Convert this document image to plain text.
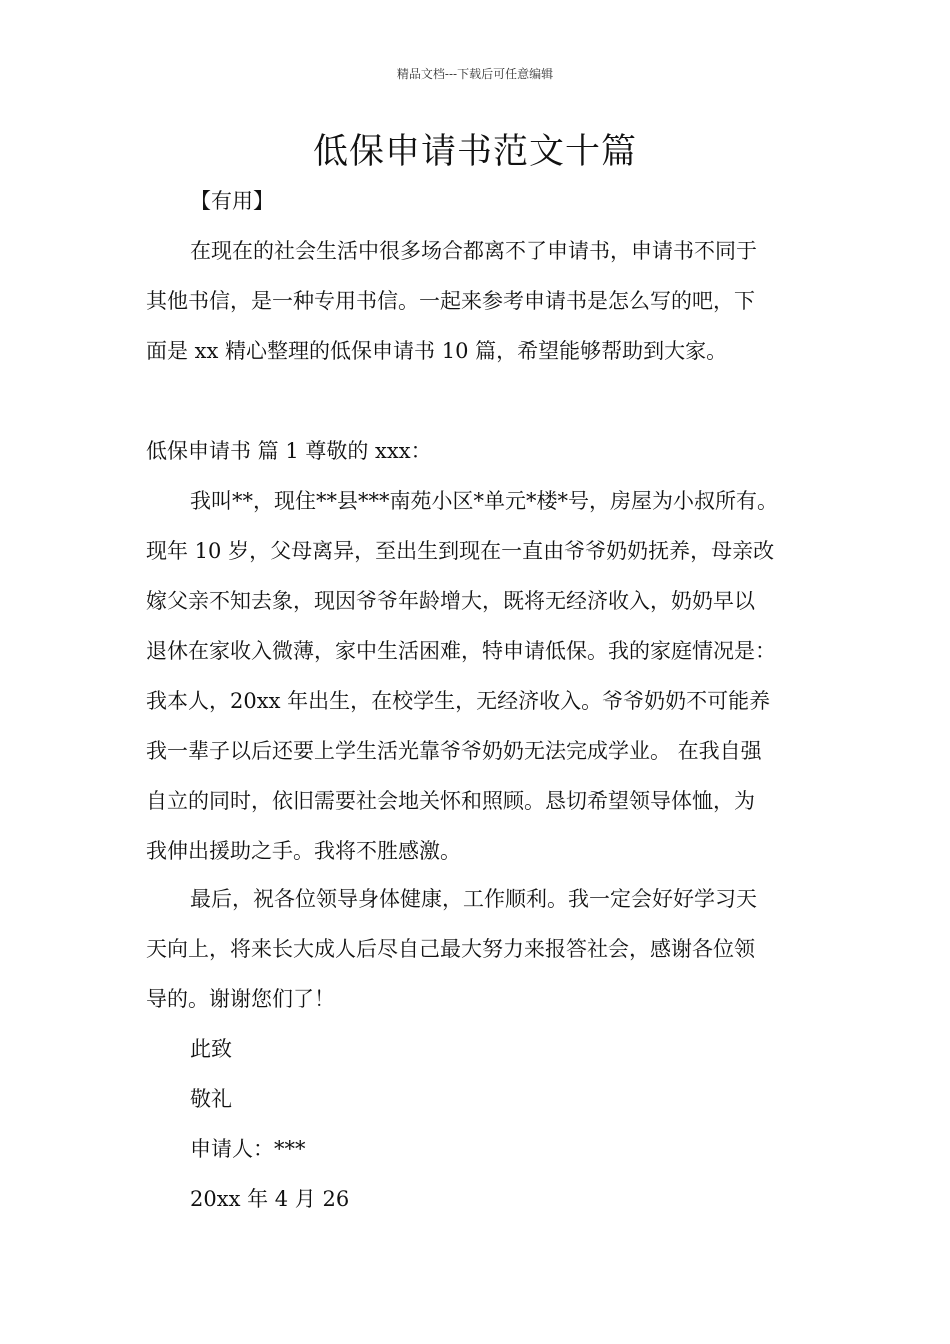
精品文档---下载后可任意编辑
低保申请书范文十篇
【有用】
在现在的社会生活中很多场合都离不了申请书，申请书不同于
其他书信，是一种专用书信。一起来参考申请书是怎么写的吧，下
面是 xx 精心整理的低保申请书 10 篇，希望能够帮助到大家。
低保申请书 篇 1 尊敬的 xxx：
我叫**，现住**县***南苑小区*单元*楼*号，房屋为小叔所有。
现年 10 岁，父母离异，至出生到现在一直由爷爷奶奶抚养，母亲改
嫁父亲不知去象，现因爷爷年龄增大，既将无经济收入，奶奶早以
退休在家收入微薄，家中生活困难，特申请低保。我的家庭情况是：
我本人，20xx 年出生，在校学生，无经济收入。爷爷奶奶不可能养
我一辈子以后还要上学生活光靠爷爷奶奶无法完成学业。 在我自强
自立的同时，依旧需要社会地关怀和照顾。恳切希望领导体恤，为
我伸出援助之手。我将不胜感激。
最后，祝各位领导身体健康，工作顺利。我一定会好好学习天
天向上，将来长大成人后尽自己最大努力来报答社会，感谢各位领
导的。谢谢您们了！
此致
敬礼
申请人：***
20xx 年 4 月 26
